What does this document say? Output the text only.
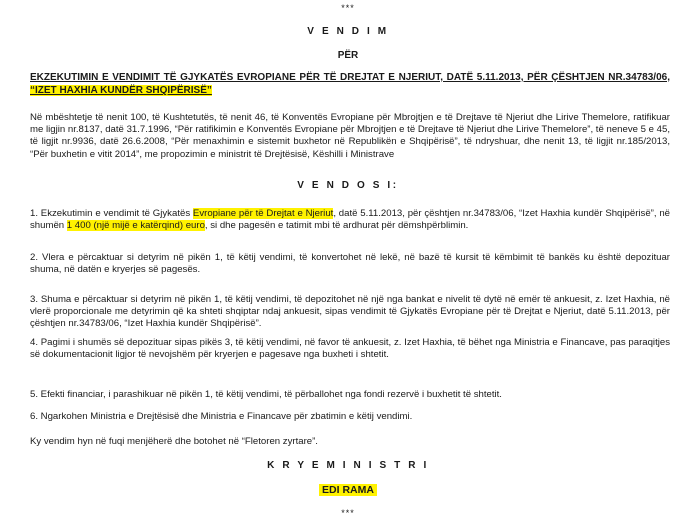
***
V E N D I M
PËR
EKZEKUTIMIN E VENDIMIT TË GJYKATËS EVROPIANE PËR TË DREJTAT E NJERIUT, DATË 5.11.2013, PËR ÇËSHTJEN NR.34783/06, “IZET HAXHIA KUNDËR SHQIPËRISË”
Në mbështetje të nenit 100, të Kushtetutës, të nenit 46, të Konventës Evropiane për Mbrojtjen e të Drejtave të Njeriut dhe Lirive Themelore, ratifikuar me ligjin nr.8137, datë 31.7.1996, “Për ratifikimin e Konventës Evropiane për Mbrojtjen e të Drejtave të Njeriut dhe Lirive Themelore”, të neneve 5 e 45, të ligjit nr.9936, datë 26.6.2008, “Për menaxhimin e sistemit buxhetor në Republikën e Shqipërisë”, të ndryshuar, dhe nenit 13, të ligjit nr.185/2013, “Për buxhetin e vitit 2014”, me propozimin e ministrit të Drejtësisë, Këshilli i Ministrave
V E N D O S I:
1. Ekzekutimin e vendimit të Gjykatës Evropiane për të Drejtat e Njeriut, datë 5.11.2013, për çështjen nr.34783/06, “Izet Haxhia kundër Shqipërisë”, në shumën 1 400 (një mijë e katërqind) euro, si dhe pagesën e tatimit mbi të ardhurat për dëmshpërblimin.
2. Vlera e përcaktuar si detyrim në pikën 1, të këtij vendimi, të konvertohet në lekë, në bazë të kursit të këmbimit të bankës ku është depozituar shuma, në datën e kryerjes së pagesës.
3. Shuma e përcaktuar si detyrim në pikën 1, të këtij vendimi, të depozitohet në një nga bankat e nivelit të dytë në emër të ankuesit, z. Izet Haxhia, në vlerë proporcionale me detyrimin që ka shteti shqiptar ndaj ankuesit, sipas vendimit të Gjykatës Evropiane për të Drejtat e Njeriut, datë 5.11.2013, për çështjen nr.34783/06, “Izet Haxhia kundër Shqipërisë”.
4. Pagimi i shumës së depozituar sipas pikës 3, të këtij vendimi, në favor të ankuesit, z. Izet Haxhia, të bëhet nga Ministria e Financave, pas paraqitjes së dokumentacionit ligjor të nevojshëm për kryerjen e pagesave nga buxheti i shtetit.
5. Efekti financiar, i parashikuar në pikën 1, të këtij vendimi, të përballohet nga fondi rezervë i buxhetit të shtetit.
6. Ngarkohen Ministria e Drejtësisë dhe Ministria e Financave për zbatimin e këtij vendimi.
Ky vendim hyn në fuqi menjëherë dhe botohet në “Fletoren zyrtare”.
K R Y E M I N I S T R I
EDI RAMA
***
